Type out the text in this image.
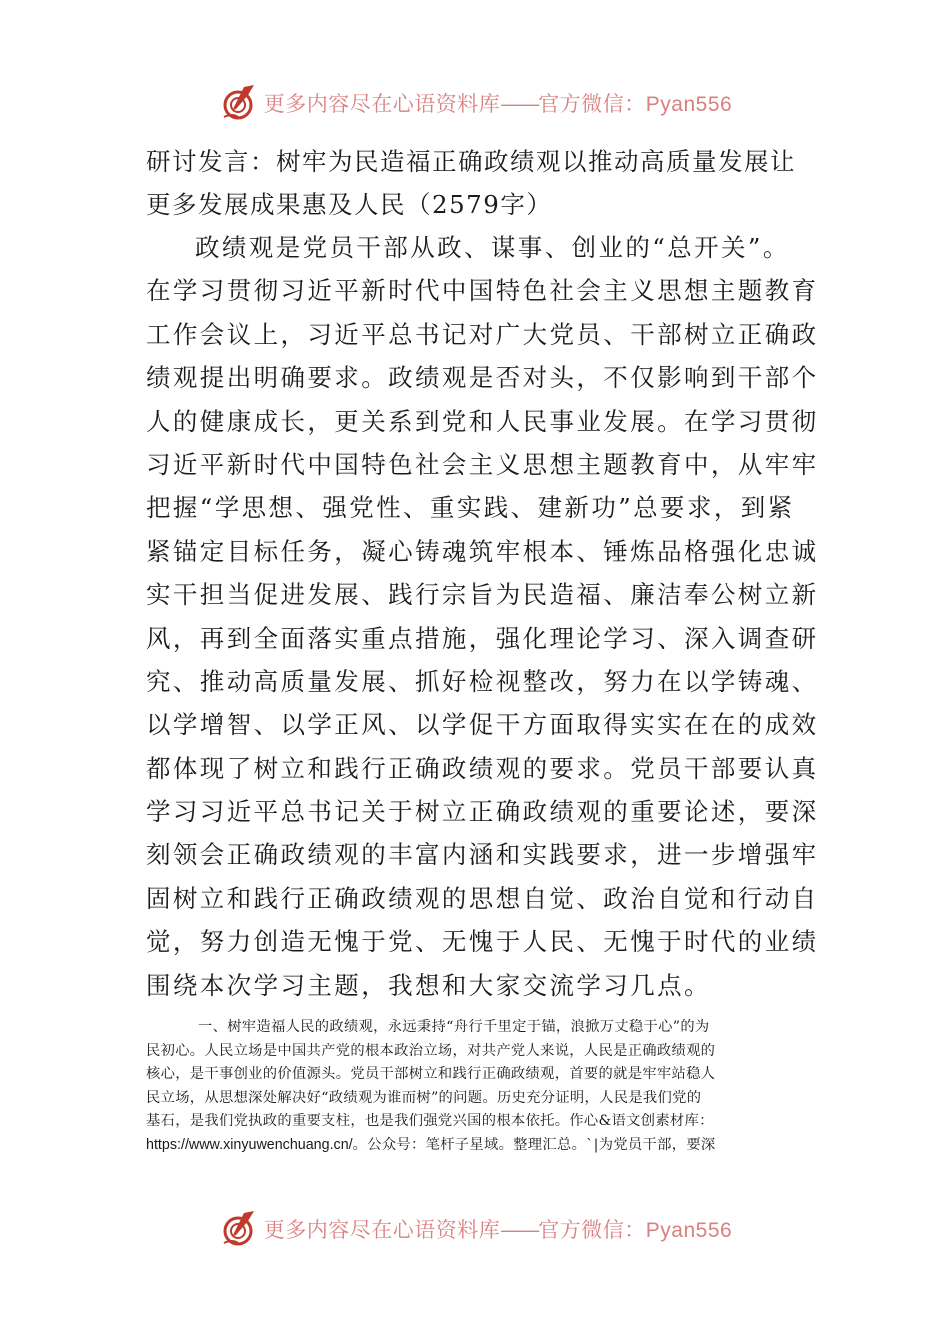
更多内容尽在心语资料库——官方微信：Pyan556
研讨发言：树牢为民造福正确政绩观以推动高质量发展让更多发展成果惠及人民（2579字）
政绩观是党员干部从政、谋事、创业的“总开关”。
在学习贯彻习近平新时代中国特色社会主义思想主题教育
工作会议上，习近平总书记对广大党员、干部树立正确政
绩观提出明确要求。政绩观是否对头，不仅影响到干部个
人的健康成长，更关系到党和人民事业发展。在学习贯彻
习近平新时代中国特色社会主义思想主题教育中，从牢牢
把握“学思想、强党性、重实践、建新功”总要求，到紧
紧锚定目标任务，凝心铸魂筑牢根本、锤炼品格强化忠诚
实干担当促进发展、践行宗旨为民造福、廉洁奉公树立新
风，再到全面落实重点措施，强化理论学习、深入调查研
究、推动高质量发展、抓好检视整改，努力在以学铸魂、
以学增智、以学正风、以学促干方面取得实实在在的成效
都体现了树立和践行正确政绩观的要求。党员干部要认真
学习习近平总书记关于树立正确政绩观的重要论述，要深
刻领会正确政绩观的丰富内涵和实践要求，进一步增强牢
固树立和践行正确政绩观的思想自觉、政治自觉和行动自
觉，努力创造无愧于党、无愧于人民、无愧于时代的业绩
围绕本次学习主题，我想和大家交流学习几点。
一、树牢造福人民的政绩观，永远秉持“舟行千里定于锚，浪掀万丈稳于心”的为
民初心。人民立场是中国共产党的根本政治立场，对共产党人来说，人民是正确政绩观的
核心，是干事创业的价值源头。党员干部树立和践行正确政绩观，首要的就是牢牢站稳人
民立场，从思想深处解决好“政绩观为谁而树”的问题。历史充分证明，人民是我们党的
基石，是我们党执政的重要支柱，也是我们强党兴国的根本依托。作心&语文创素材库：
https://www.xinyuwenchuang.cn/。公众号：笔杆子星域。整理汇总。`|为党员干部，要深
更多内容尽在心语资料库——官方微信：Pyan556
